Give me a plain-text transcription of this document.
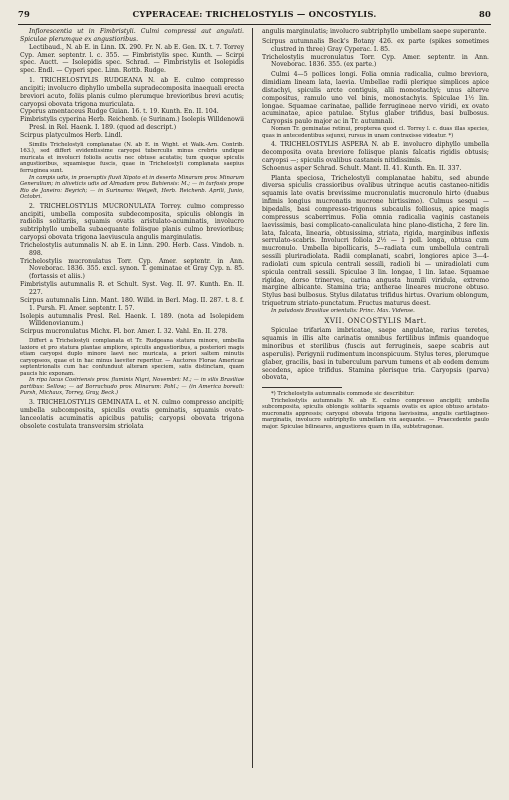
79	CYPERACEAE: TRICHELOSTYLIS — ONCOSTYLIS.	80

Inflorescentia ut in Fimbristyli. Culmi compressi aut angulati. Spiculae plerumque ex angustioribus.

Lectibaud., N. ab E. in Linn. IX. 290. Fr. N. ab E. Gen. IX. t. 7. Torrey Cyp. Amer. septentr. l. c. 355. — Fimbristylis spec. Kunth. — Scirpi spec. Auctt. — Isolepidis spec. Schrad. — Fimbristylis et Isolepidis spec. Endl. — Cyperi spec. Linn. Rottb. Rudge.

1. TRICHELOSTYLIS RUDGEANA N. ab E. culmo compresso ancipiti; involucro diphyllo umbella supradecomposita inaequali erecta breviori acuto, foliis planis culmo plerumque brevioribus brevi acutis; caryopsi obovata trigona muriculata.

Cyperus amentaceus Rudge Guian. 16. t. 19. Kunth. En. II. 104.

Fimbristylis cyperina Herb. Reichenb. (e Surinam.) Isolepis Willdenowii Presl. in Rel. Haenk. I. 189. (quod ad descript.)

Scirpus platyculmos Herb. Lindl.

Similis Trichelostyli complanatae (N. ab E. in Wight. et Walk.-Arn. Contrib. 163.), sed differt evidentissime caryopsi tuberculis minus crebris undique muricata et involucri foliolis acutis nec obtuse acutatis; tum quoque spiculis angustioribus, squamisque fuscis, quae in Trichelostyli complanata saepius ferruginea sunt.

In campis udis, in praeruptis fluvii Xipoto et in deserto Minarum prov. Minarum Generalium; in aliveticis udis ad Almadam prov. Bahiensis: M.; — in turfosis prope Rio de Janeiro: Beyrich; — in Surinamo: Weigelt, Herb. Reichenb. Aprili, Junio, Octobri.

2. TRICHELOSTYLIS MUCRONULATA Torrey. culmo compresso ancipiti, umbella composita subdecomposita, spiculis oblongis in radiolis solitariis, squamis ovatis aristulato-acuminatis, involucro subtriphyllo umbella subaequante foliisque planis culmo brevioribus; caryopsi obovata trigona laeviuscula angulis marginulatis.

Trichelostylis autumnalis N. ab E. in Linn. 290. Herb. Cass. Vindob. n. 898.

Trichelostylis mucronulatus Torr. Cyp. Amer. septentr. in Ann. Noveborac. 1836. 355. excl. synon. T. geminatae et Gray Cyp. n. 85. (fortassis et aliis.)

Fimbristylis autumnalis R. et Schult. Syst. Veg. II. 97. Kunth. En. II. 227.

Scirpus autumnalis Linn. Mant. 180. Willd. in Berl. Mag. II. 287. t. 8. f. 1. Pursh. Fl. Amer. septentr. I. 57.

Isolepis autumnalis Presl. Rel. Haenk. I. 189. (nota ad Isolepidem Willdenovianum.)

Scirpus mucronulatus Michx. Fl. bor. Amer. I. 32. Vahl. En. II. 278.

Differt a Trichelostyli complanata et Tr. Rudgeana statura minore, umbella laxiore et pro statura plantae ampliore, spiculis angustioribus, a posteriori magis etiam caryopsi duplo minore laevi nec muricata, a priori saltem minutis caryopseos, quae et in hac minus laeviter reperitur. — Auctores Florae Americae septentrionalis cum hac confunduut alteram speciem, satis distinctam, quam paucis hic exponam.

In ripa lacus Cosiriensis prov. fluminis Nigri, Novembri: M.; — in silis Brasiliae partibus: Sellow; — ad Borrachudo prov. Minarum: Pohl.; — (in America boreali: Pursh, Michaux, Torrey, Gray, Beck.)

3. TRICHELOSTYLIS GEMINATA L. et N. culmo compresso ancipiti; umbella subcomposita, spiculis ovatis geminatis, squamis ovato-lanceolatis acuminatis apicibus patulis; caryopsi obovata trigona obsolete costulata transversim striolata

angulis marginulatis; involucro subtriphyllo umbellam saepe superante.

Scirpus autumnalis Beck's Botany 426. ex parte (spikes sometimes clustred in three) Gray Cyperac. I. 85.

Trichelostylis mucronulatus Torr. Cyp. Amer. septentr. in Ann. Noveborac. 1836. 355. (ex parte.)

Culmi 4—5 pollices longi. Folia omnia radicalia, culmo breviora, dimidiam lineam lata, laevia. Umbellae radii plerique simplices apice distachyi, spiculis arcte contiguis, alii monostachyi; unus alterve compositus, ramulo uno vel binis, monostachyis. Spiculae 1½ lin. longae. Squamae carinatae, pallide ferrugineae nervo viridi, ex ovato acuminatae, apice patulae. Stylus glaber trifidus, basi bulbosus. Caryopsis paulo major ac in Tr. autumnali.

Nomen Tr. geminatae retinui, propterea quod cl. Torrey l. c. duas illas species, quas in antecedentibus sejunxi, rursus in unam contraxisse videatur. *)

4. TRICHELOSTYLIS ASPERA N. ab E. involucro diphyllo umbella decomposita ovata breviore foliisque planis falcatis rigidis obtusis; caryopsi —; spiculis ovalibus castaneis nitidissimis.

Schoenus asper Schrad. Schult. Mant. II. 41. Kunth. En. II. 337.

Planta speciosa, Trichelostyli complanatae habitu, sed abunde diversa spiculis crassioribus ovalibus utrinque acutis castaneo-nitidis squamis late ovatis brevissime mucronulatis mucronulo hirto (duabus infimis longius mucronatis mucrone hirtissimo). Culmus sesqui — bipedalis, basi compresso-trigonus subcaulis folliosus, apice magis compressus scaberrimus. Folia omnia radicalia vaginis castaneis laevissimis, basi complicato-canaliculata hinc plano-disticha, 2 fere lin. lata, falcata, linearia, obtusissima, striata, rigida, marginibus inflexis serrulato-scabris. Involucri foliola 2½ — 1 poll. longa, obtusa cum mucronulo. Umbella bipollicaris, 5—radiata cum umbellula centrali sessili pluriradiolata. Radii complanati, scabri, longiores apice 3—4-radiolati cum spicula centrali sessili, radioli bi — uniradiolati cum spicula centrali sessili. Spiculae 3 lin. longae, 1 lin. latae. Squamae rigidae, dorso trinerves, carina angusta humili viridula, extremo margine albicante. Stamina tria; antherae lineares mucrone obtuso. Stylus basi bulbosus. Stylus dilatatus trifidus hirtus. Ovarium oblongum, triquetrum striato-punctatum. Fructus maturus deest.

In paludosis Brasiliae orientalis: Princ. Max. Vidense.

XVII. ONCOSTYLIS Mart.

Spiculae trifariam imbricatae, saepe angulatae, rarius teretes, squamis in illis alte carinatis omnibus fertilibus infimis quandoque minoribus et sterilibus (fuscis aut ferrugineis, saepe scabris aut asperulis). Perigynii rudimentum inconspicuum. Stylus teres, plerumque glaber, gracilis, basi in tuberculum parvum tumens et ab eodem demum secedens, apice trifidus. Stamina plerisque tria. Caryopsis (parva) obovata,

*) Trichelostylis autumnalis commode sic describitur:

Trichelostylis autumnalis N. ab E. culmo compresso ancipiti; umbella subcomposita, spiculis oblongis solitariis squamis ovatis ex apice obtuso aristato-mucronatis appressis; caryopsi obovata trigona laevissima, angulis cartilagineo-marginatis, involucro subtriphyllo umbellam vix aequante. — Praecedente paulo major. Spiculae bilineares, angustiores quam in illa, subtetragonae.
